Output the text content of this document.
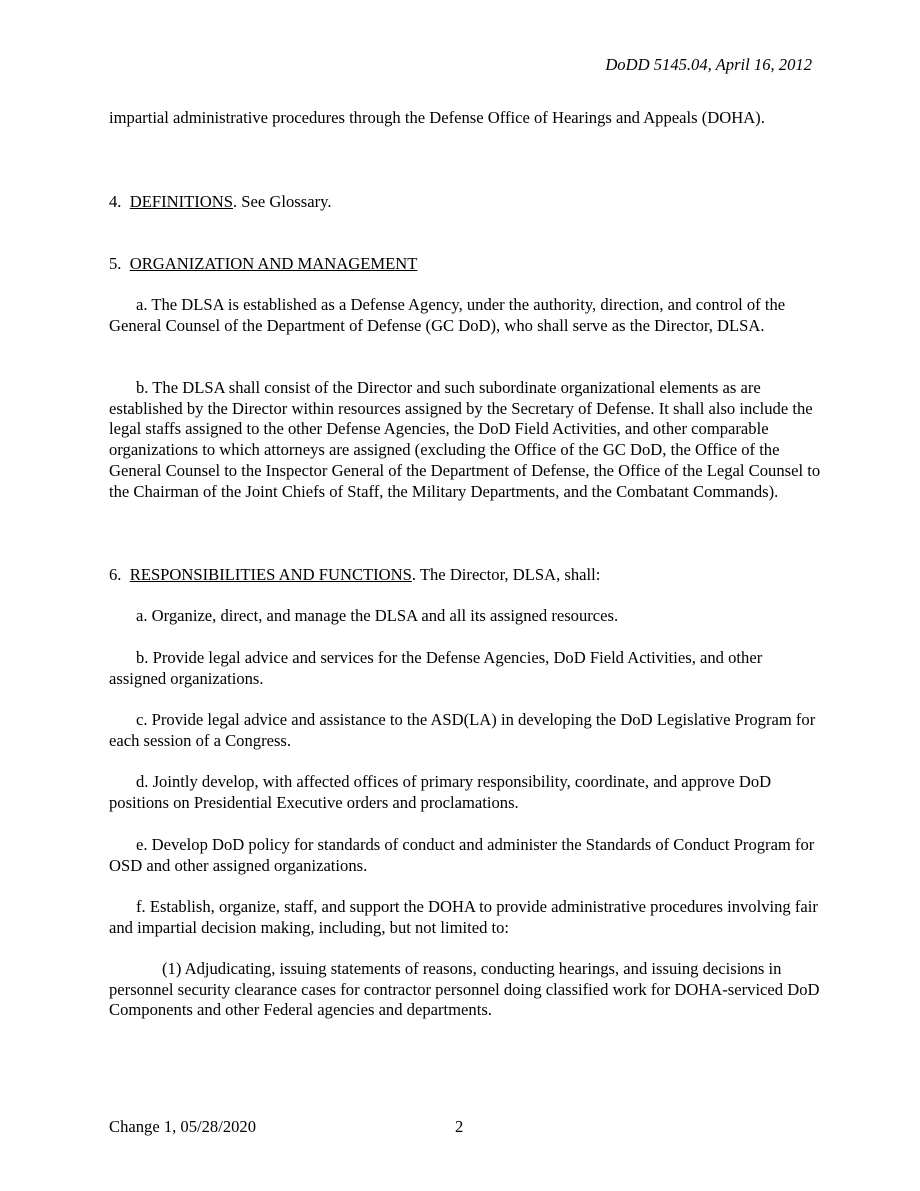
DoDD 5145.04, April 16, 2012

impartial administrative procedures through the Defense Office of Hearings and Appeals (DOHA).

4. DEFINITIONS. See Glossary.

5. ORGANIZATION AND MANAGEMENT

a. The DLSA is established as a Defense Agency, under the authority, direction, and control of the General Counsel of the Department of Defense (GC DoD), who shall serve as the Director, DLSA.

b. The DLSA shall consist of the Director and such subordinate organizational elements as are established by the Director within resources assigned by the Secretary of Defense. It shall also include the legal staffs assigned to the other Defense Agencies, the DoD Field Activities, and other comparable organizations to which attorneys are assigned (excluding the Office of the GC DoD, the Office of the General Counsel to the Inspector General of the Department of Defense, the Office of the Legal Counsel to the Chairman of the Joint Chiefs of Staff, the Military Departments, and the Combatant Commands).

6. RESPONSIBILITIES AND FUNCTIONS. The Director, DLSA, shall:

a. Organize, direct, and manage the DLSA and all its assigned resources.

b. Provide legal advice and services for the Defense Agencies, DoD Field Activities, and other assigned organizations.

c. Provide legal advice and assistance to the ASD(LA) in developing the DoD Legislative Program for each session of a Congress.

d. Jointly develop, with affected offices of primary responsibility, coordinate, and approve DoD positions on Presidential Executive orders and proclamations.

e. Develop DoD policy for standards of conduct and administer the Standards of Conduct Program for OSD and other assigned organizations.

f. Establish, organize, staff, and support the DOHA to provide administrative procedures involving fair and impartial decision making, including, but not limited to:

(1) Adjudicating, issuing statements of reasons, conducting hearings, and issuing decisions in personnel security clearance cases for contractor personnel doing classified work for DOHA-serviced DoD Components and other Federal agencies and departments.

Change 1, 05/28/2020	2
